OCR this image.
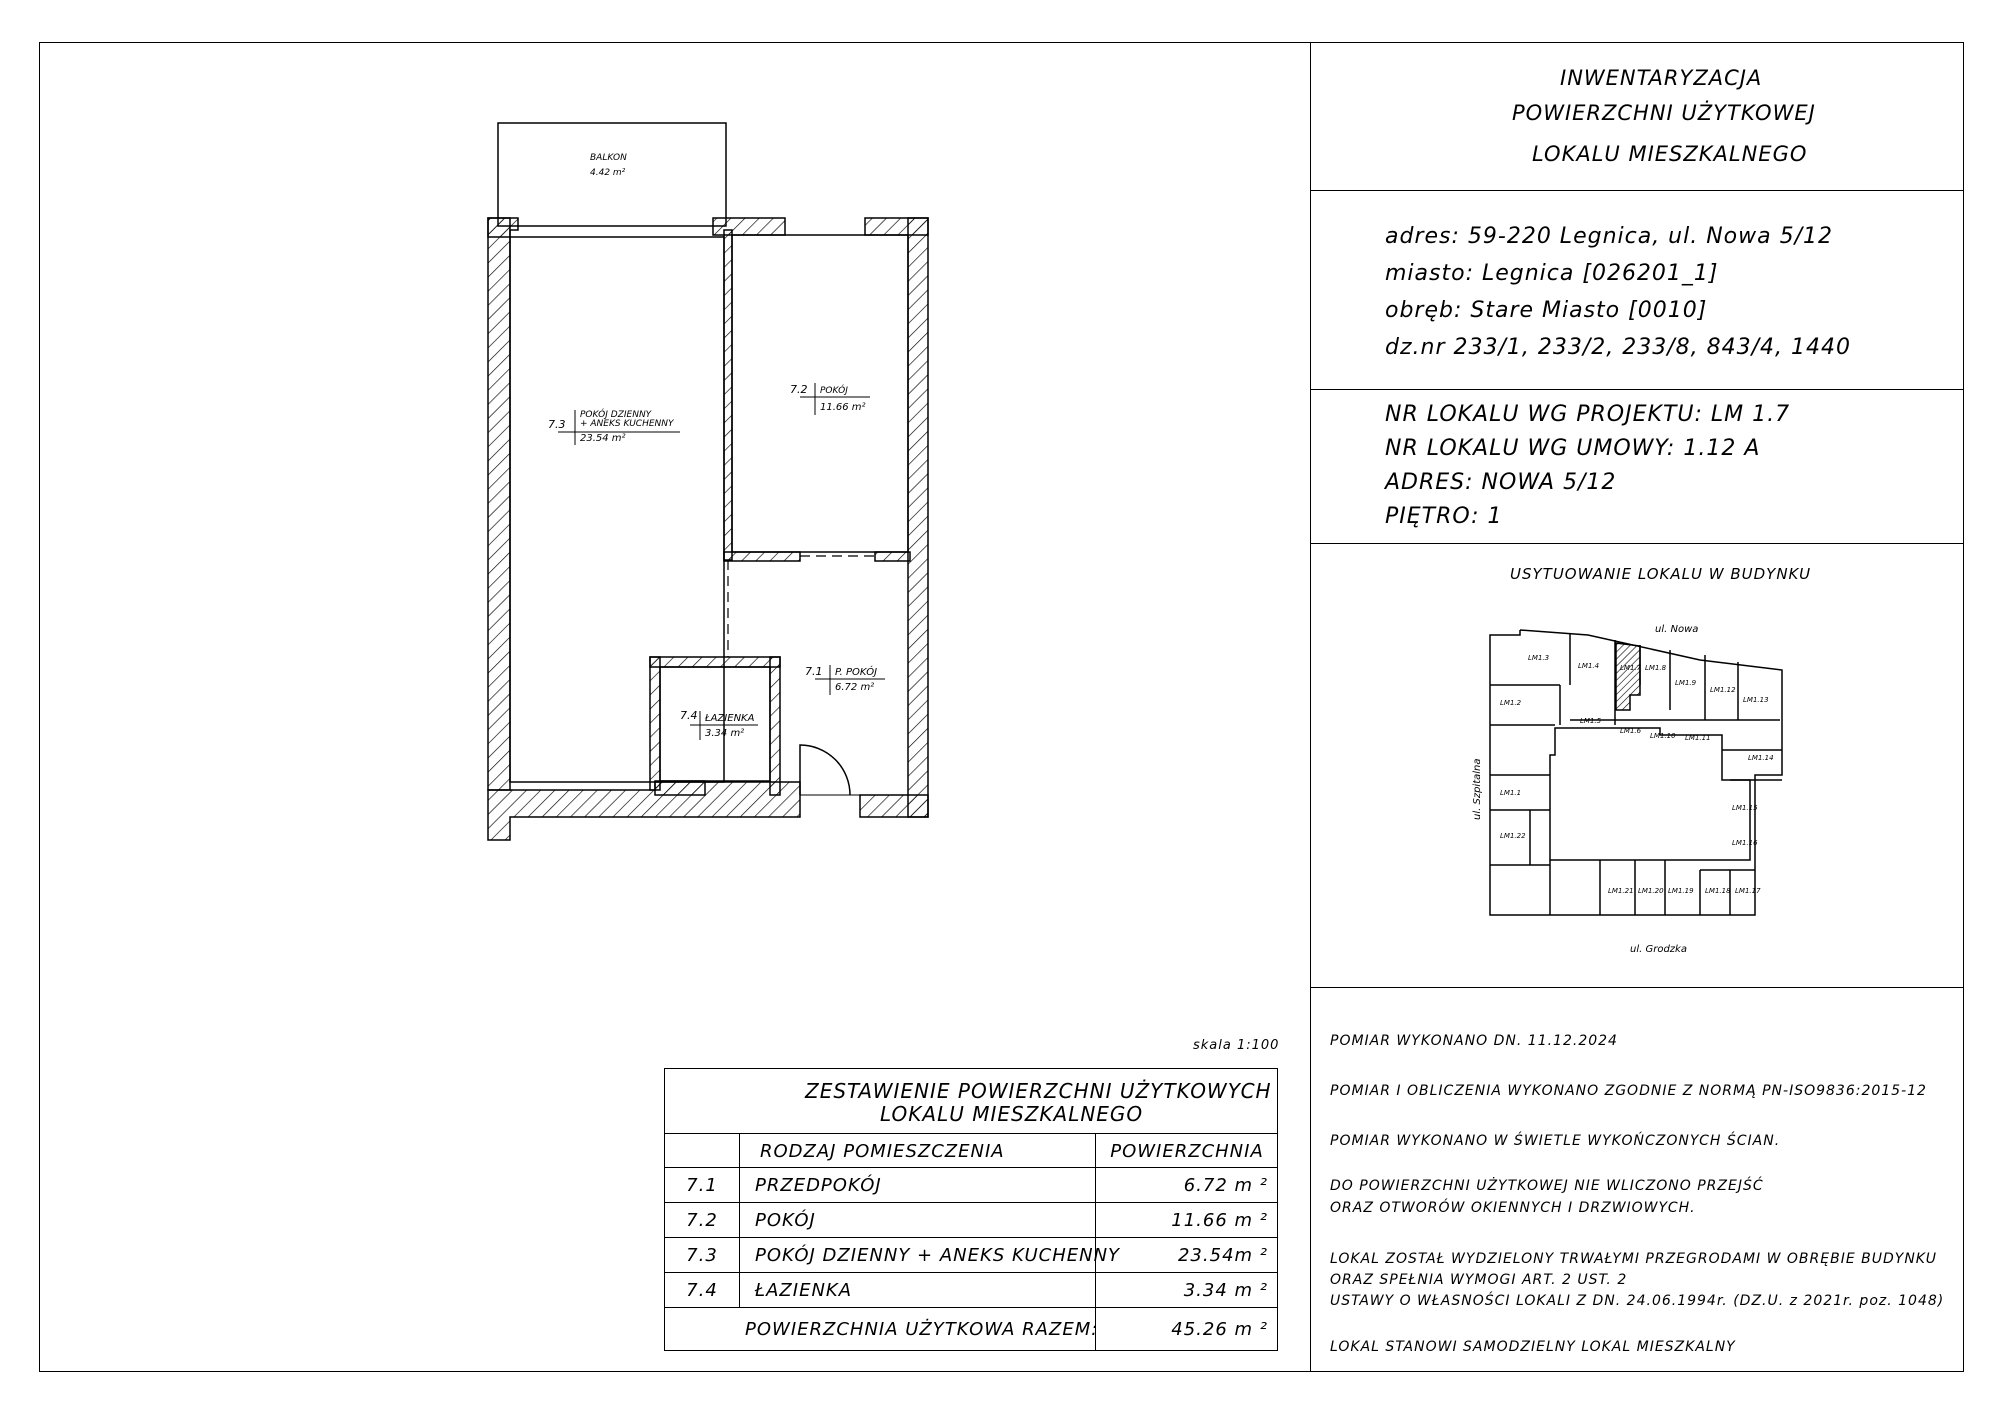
INWENTARYZACJA
POWIERZCHNI UŻYTKOWEJ
LOKALU MIESZKALNEGO
adres: 59-220 Legnica, ul. Nowa 5/12
miasto: Legnica [026201_1]
obręb: Stare Miasto [0010]
dz.nr 233/1, 233/2, 233/8, 843/4, 1440
NR LOKALU WG PROJEKTU: LM 1.7
NR LOKALU WG UMOWY: 1.12 A
ADRES: NOWA 5/12
PIĘTRO: 1
USYTUOWANIE LOKALU W BUDYNKU
LM1.3
LM1.4	LM1.7 LM1.8
LM1.9
LM1.12
LM1.13
LM1.2
LM1.5
LM1.6
LM1.10 LM1.11
LM1.14
LM1.1
LM1.15
LM1.22
LM1.16
LM1.21 LM1.20 LM1.19 LM1.18 LM1.17
ul. Nowa
ul. Szpitalna
ul. Grodzka
POMIAR WYKONANO DN. 11.12.2024
POMIAR I OBLICZENIA WYKONANO ZGODNIE Z NORMĄ PN-ISO9836:2015-12
POMIAR WYKONANO W ŚWIETLE WYKOŃCZONYCH ŚCIAN.
DO POWIERZCHNI UŻYTKOWEJ NIE WLICZONO PRZEJŚĆ
ORAZ OTWORÓW OKIENNYCH I DRZWIOWYCH.
LOKAL ZOSTAŁ WYDZIELONY TRWAŁYMI PRZEGRODAMI W OBRĘBIE BUDYNKU
ORAZ SPEŁNIA WYMOGI ART. 2 UST. 2
USTAWY O WŁASNOŚCI LOKALI Z DN. 24.06.1994r. (DZ.U. z 2021r. poz. 1048)
LOKAL STANOWI SAMODZIELNY LOKAL MIESZKALNY
BALKON
4.42 m²
7.3
POKÓJ DZIENNY
+ ANEKS KUCHENNY
23.54 m²
7.2 POKÓJ
11.66 m²
7.1 P. POKÓJ
6.72 m²
7.4 ŁAZIENKA
3.34 m²
skala 1:100
ZESTAWIENIE POWIERZCHNI UŻYTKOWYCH
LOKALU MIESZKALNEGO
RODZAJ POMIESZCZENIA	POWIERZCHNIA
7.1	PRZEDPOKÓJ	6.72 m ²
7.2	POKÓJ	11.66 m ²
7.3	POKÓJ DZIENNY + ANEKS KUCHENNY	23.54m ²
7.4	ŁAZIENKA	3.34 m ²
POWIERZCHNIA UŻYTKOWA RAZEM:	45.26 m ²
